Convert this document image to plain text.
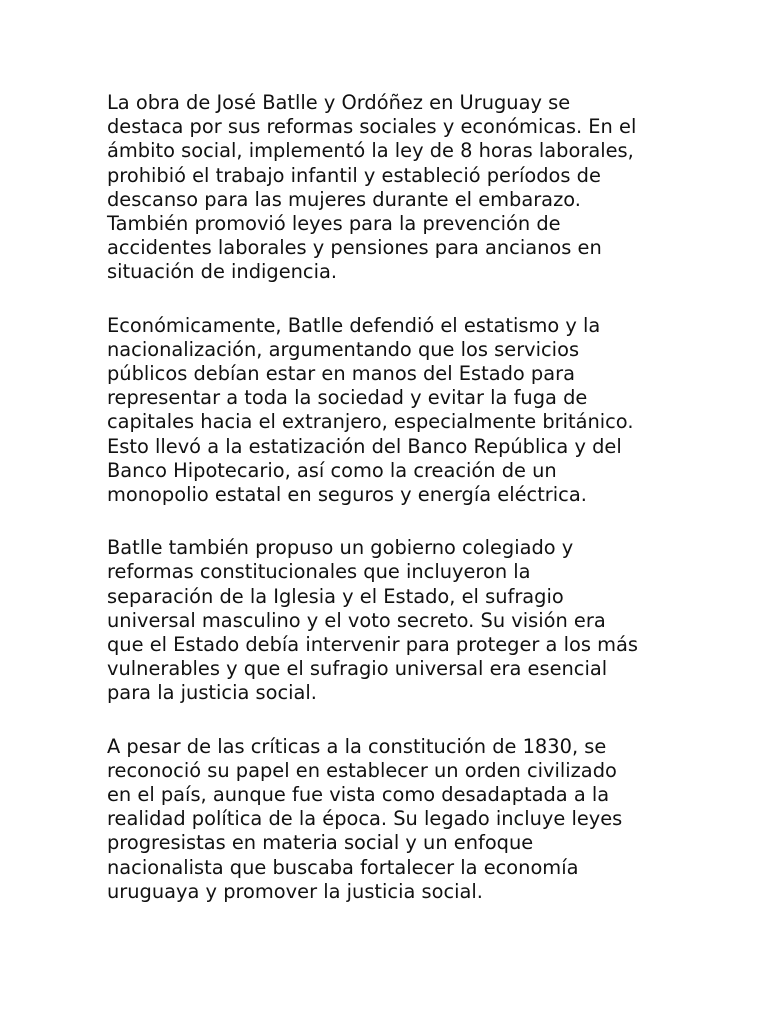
La obra de José Batlle y Ordóñez en Uruguay se
destaca por sus reformas sociales y económicas. En el
ámbito social, implementó la ley de 8 horas laborales,
prohibió el trabajo infantil y estableció períodos de
descanso para las mujeres durante el embarazo.
También promovió leyes para la prevención de
accidentes laborales y pensiones para ancianos en
situación de indigencia.

Económicamente, Batlle defendió el estatismo y la
nacionalización, argumentando que los servicios
públicos debían estar en manos del Estado para
representar a toda la sociedad y evitar la fuga de
capitales hacia el extranjero, especialmente británico.
Esto llevó a la estatización del Banco República y del
Banco Hipotecario, así como la creación de un
monopolio estatal en seguros y energía eléctrica.

Batlle también propuso un gobierno colegiado y
reformas constitucionales que incluyeron la
separación de la Iglesia y el Estado, el sufragio
universal masculino y el voto secreto. Su visión era
que el Estado debía intervenir para proteger a los más
vulnerables y que el sufragio universal era esencial
para la justicia social.

A pesar de las críticas a la constitución de 1830, se
reconoció su papel en establecer un orden civilizado
en el país, aunque fue vista como desadaptada a la
realidad política de la época. Su legado incluye leyes
progresistas en materia social y un enfoque
nacionalista que buscaba fortalecer la economía
uruguaya y promover la justicia social.
